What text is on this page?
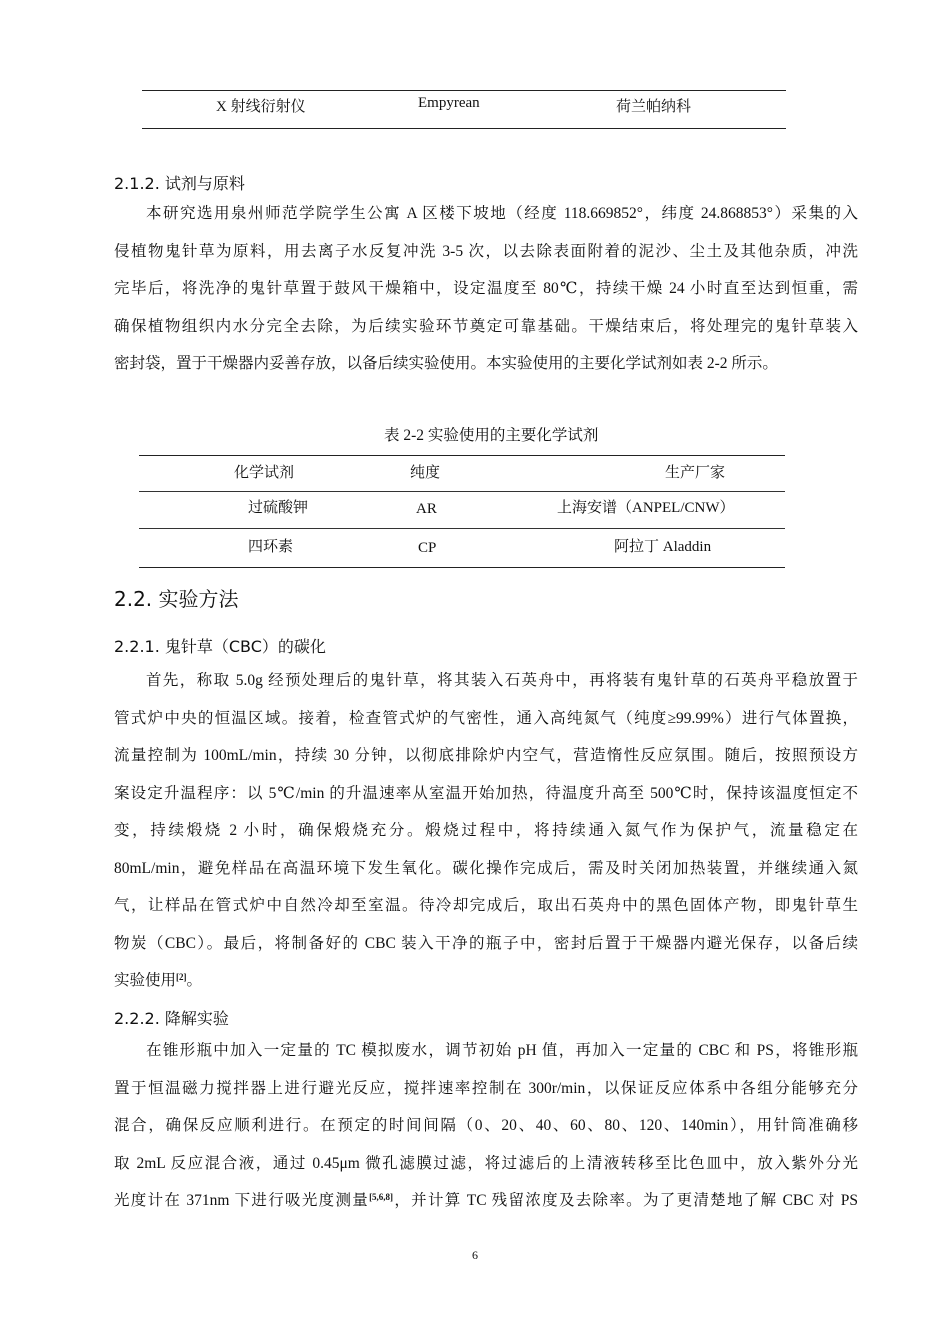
X 射线衍射仪	Empyrean	荷兰帕纳科
2.1.2. 试剂与原料
本研究选用泉州师范学院学生公寓 A 区楼下坡地（经度 118.669852°，纬度 24.868853°）采集的入
侵植物鬼针草为原料，用去离子水反复冲洗 3-5 次，以去除表面附着的泥沙、尘土及其他杂质，冲洗
完毕后，将洗净的鬼针草置于鼓风干燥箱中，设定温度至 80℃，持续干燥 24 小时直至达到恒重，需
确保植物组织内水分完全去除，为后续实验环节奠定可靠基础。干燥结束后，将处理完的鬼针草装入
密封袋，置于干燥器内妥善存放，以备后续实验使用。本实验使用的主要化学试剂如表 2-2 所示。
表 2-2 实验使用的主要化学试剂
化学试剂	纯度	生产厂家
过硫酸钾	AR	上海安谱（ANPEL/CNW）
四环素	CP	阿拉丁 Aladdin
2.2. 实验方法
2.2.1. 鬼针草（CBC）的碳化
首先，称取 5.0g 经预处理后的鬼针草，将其装入石英舟中，再将装有鬼针草的石英舟平稳放置于
管式炉中央的恒温区域。接着，检查管式炉的气密性，通入高纯氮气（纯度≥99.99%）进行气体置换，
流量控制为 100mL/min，持续 30 分钟，以彻底排除炉内空气，营造惰性反应氛围。随后，按照预设方
案设定升温程序：以 5℃/min 的升温速率从室温开始加热，待温度升高至 500℃时，保持该温度恒定不
变，持续煅烧 2 小时，确保煅烧充分。煅烧过程中，将持续通入氮气作为保护气，流量稳定在
80mL/min，避免样品在高温环境下发生氧化。碳化操作完成后，需及时关闭加热装置，并继续通入氮
气，让样品在管式炉中自然冷却至室温。待冷却完成后，取出石英舟中的黑色固体产物，即鬼针草生
物炭（CBC）。最后，将制备好的 CBC 装入干净的瓶子中，密封后置于干燥器内避光保存，以备后续
实验使用[2]。
2.2.2. 降解实验
在锥形瓶中加入一定量的 TC 模拟废水，调节初始 pH 值，再加入一定量的 CBC 和 PS，将锥形瓶
置于恒温磁力搅拌器上进行避光反应，搅拌速率控制在 300r/min，以保证反应体系中各组分能够充分
混合，确保反应顺利进行。在预定的时间间隔（0、20、40、60、80、120、140min），用针筒准确移
取 2mL 反应混合液，通过 0.45μm 微孔滤膜过滤，将过滤后的上清液转移至比色皿中，放入紫外分光
光度计在 371nm 下进行吸光度测量[5,6,8]，并计算 TC 残留浓度及去除率。为了更清楚地了解 CBC 对 PS
6
